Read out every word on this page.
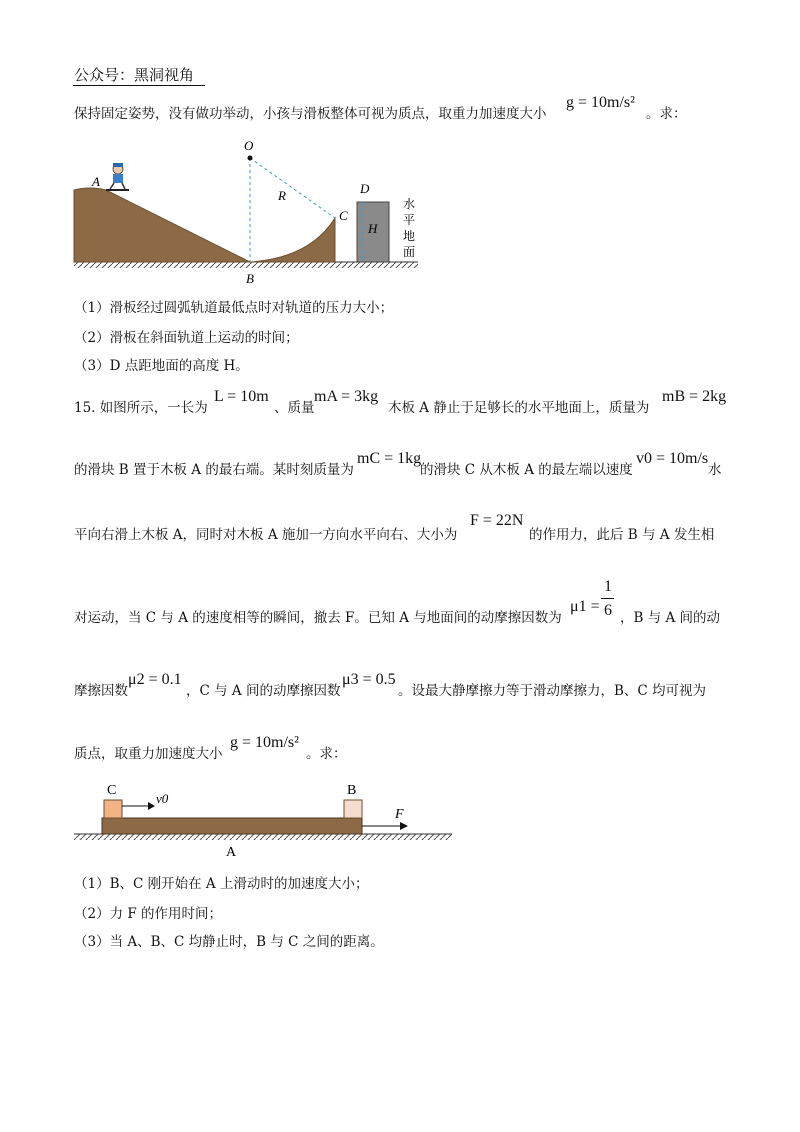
公众号：黑洞视角
保持固定姿势，没有做功举动，小孩与滑板整体可视为质点，取重力加速度大小
g = 10m/s²
。求：
O
A
R
C
D
H
B
水
平
地
面
（1）滑板经过圆弧轨道最低点时对轨道的压力大小；
（2）滑板在斜面轨道上运动的时间；
（3）D 点距地面的高度 H。
15. 如图所示，一长为
L = 10m
、质量
mA = 3kg
木板 A 静止于足够长的水平地面上，质量为
mB = 2kg
的滑块 B 置于木板 A 的最右端。某时刻质量为
mC = 1kg
的滑块 C 从木板 A 的最左端以速度
v0 = 10m/s
水
平向右滑上木板 A，同时对木板 A 施加一方向水平向右、大小为
F = 22N
的作用力，此后 B 与 A 发生相
对运动，当 C 与 A 的速度相等的瞬间，撤去 F。已知 A 与地面间的动摩擦因数为
μ1 =
1
6 ，B 与 A 间的动
摩擦因数
μ2 = 0.1
，C 与 A 间的动摩擦因数
μ3 = 0.5
。设最大静摩擦力等于滑动摩擦力，B、C 均可视为
质点，取重力加速度大小
g = 10m/s²
。求：
C
v0
B
F
A
（1）B、C 刚开始在 A 上滑动时的加速度大小；
（2）力 F 的作用时间；
（3）当 A、B、C 均静止时，B 与 C 之间的距离。
